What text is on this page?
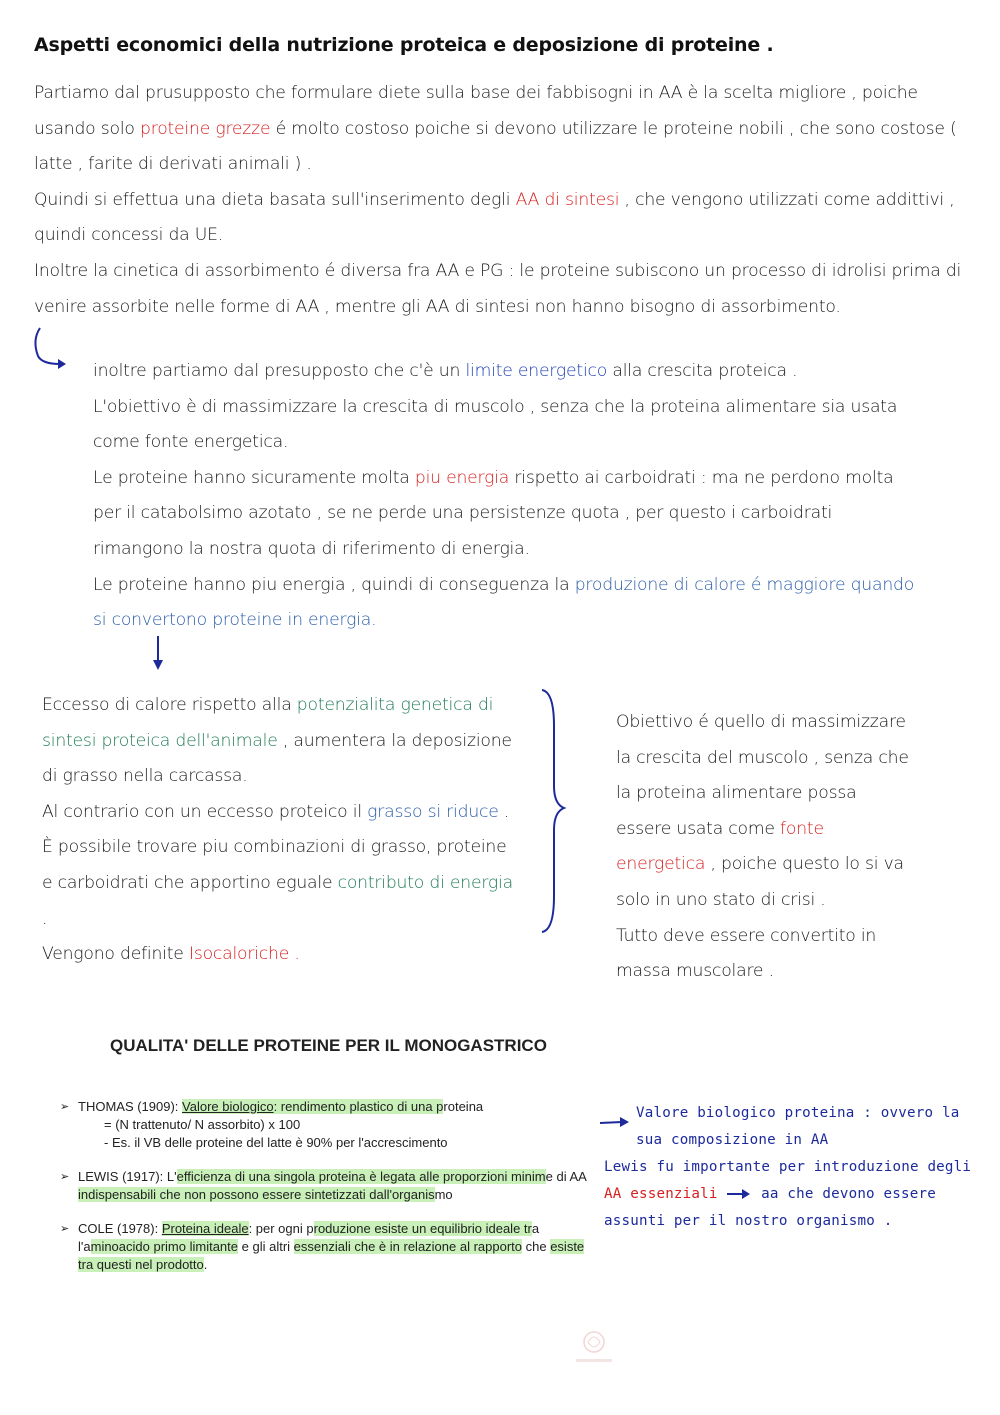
Aspetti economici della nutrizione proteica e deposizione di proteine .
Partiamo dal prusupposto che formulare diete sulla base dei fabbisogni in AA è la scelta migliore , poiche usando solo proteine grezze é molto costoso poiche si devono utilizzare le proteine nobili , che sono costose ( latte , farite di derivati animali ) .
Quindi si effettua una dieta basata sull'inserimento degli AA di sintesi , che vengono utilizzati come addittivi , quindi concessi da UE.
Inoltre la cinetica di assorbimento é diversa fra AA e PG : le proteine subiscono un processo di idrolisi prima di venire assorbite nelle forme di AA , mentre gli AA di sintesi non hanno bisogno di assorbimento.
inoltre partiamo dal presupposto che c'è un limite energetico alla crescita proteica .
L'obiettivo è di massimizzare la crescita di muscolo , senza che la proteina alimentare sia usata come fonte energetica.
Le proteine hanno sicuramente molta piu energia rispetto ai carboidrati : ma ne perdono molta per il catabolsimo azotato , se ne perde una persistenze quota , per questo i carboidrati rimangono la nostra quota di riferimento di energia.
Le proteine hanno piu energia , quindi di conseguenza la produzione di calore é maggiore quando si convertono proteine in energia.
Eccesso di calore rispetto alla potenzialita genetica di sintesi proteica dell'animale , aumentera la deposizione di grasso nella carcassa.
Al contrario con un eccesso proteico il grasso si riduce .
È possibile trovare piu combinazioni di grasso, proteine e carboidrati che apportino eguale contributo di energia .
Vengono definite Isocaloriche .
Obiettivo é quello di massimizzare la crescita del muscolo , senza che la proteina alimentare possa essere usata come fonte energetica , poiche questo lo si va solo in uno stato di crisi .
Tutto deve essere convertito in massa muscolare .
QUALITA' DELLE PROTEINE PER IL MONOGASTRICO
➢ THOMAS (1909): Valore biologico: rendimento plastico di una proteina
= (N trattenuto/ N assorbito) x 100
- Es. il VB delle proteine del latte è 90% per l'accrescimento
➢ LEWIS (1917): L'efficienza di una singola proteina è legata alle proporzioni minime di AA indispensabili che non possono essere sintetizzati dall'organismo
➢ COLE (1978): Proteina ideale: per ogni produzione esiste un equilibrio ideale tra l'aminoacido primo limitante e gli altri essenziali che è in relazione al rapporto che esiste tra questi nel prodotto.
Valore biologico proteina : ovvero la sua composizione in AA
Lewis fu importante per introduzione degli
AA essenziali	aa che devono essere assunti per il nostro organismo .
